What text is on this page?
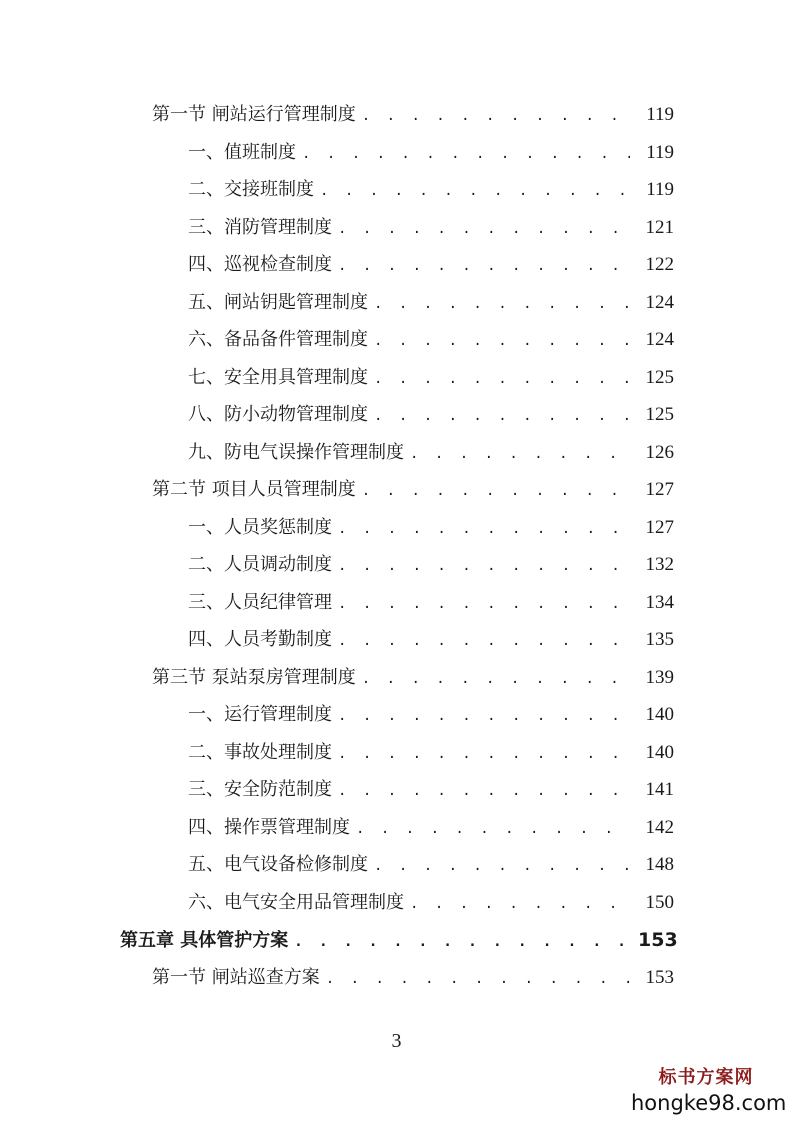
第一节 闸站运行管理制度 . . .	119
一、值班制度 . . .	119
二、交接班制度 . . .	119
三、消防管理制度 . . .	121
四、巡视检查制度 . . .	122
五、闸站钥匙管理制度 . . .	124
六、备品备件管理制度 . . .	124
七、安全用具管理制度 . . .	125
八、防小动物管理制度 . . .	125
九、防电气误操作管理制度 . . .	126
第二节 项目人员管理制度 . . .	127
一、人员奖惩制度 . . .	127
二、人员调动制度 . . .	132
三、人员纪律管理 . . .	134
四、人员考勤制度 . . .	135
第三节 泵站泵房管理制度 . . .	139
一、运行管理制度 . . .	140
二、事故处理制度 . . .	140
三、安全防范制度 . . .	141
四、操作票管理制度 . . .	142
五、电气设备检修制度 . . .	148
六、电气安全用品管理制度 . . .	150
第五章 具体管护方案 . . .	153
第一节 闸站巡查方案 . . .	153
3
标书方案网
hongke98.com
